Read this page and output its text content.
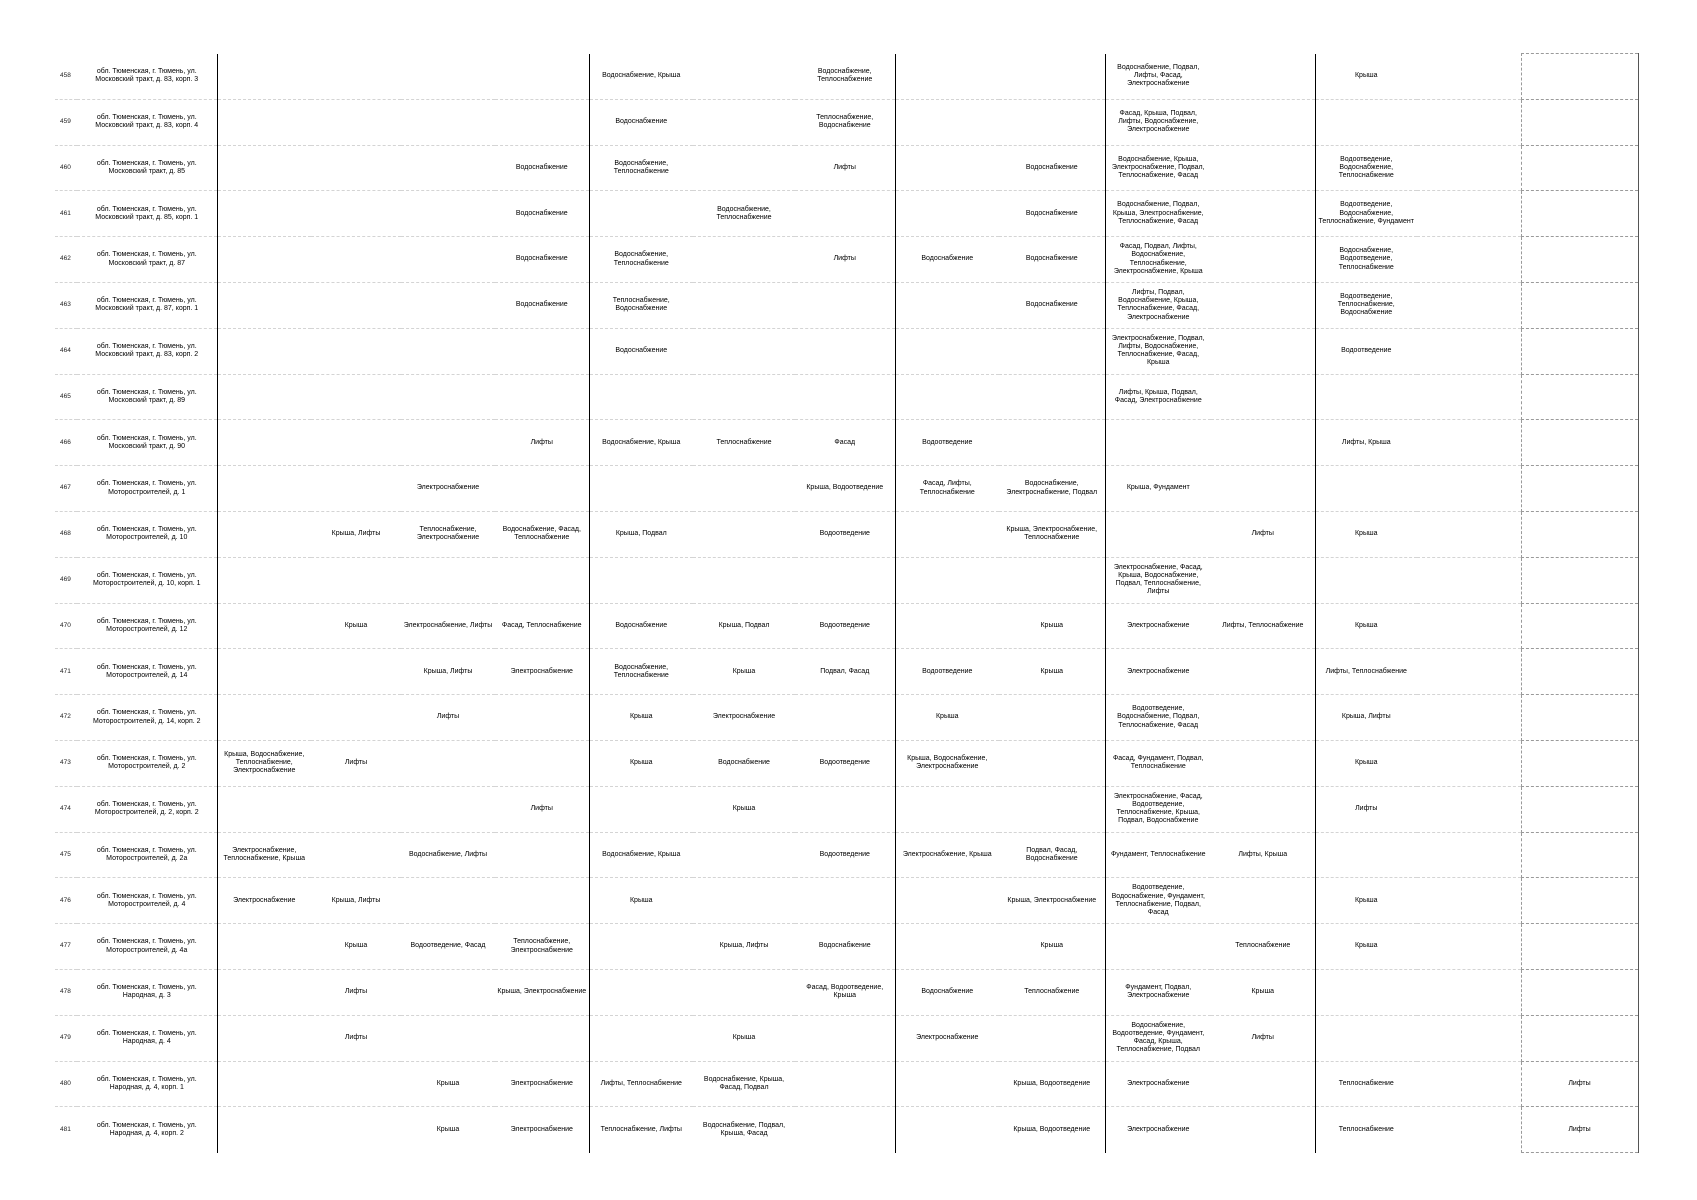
458	обл. Тюменская, г. Тюмень, ул. Московский тракт, д. 83, корп. 3					Водоснабжение, Крыша		Водоснабжение, Теплоснабжение			Водоснабжение, Подвал, Лифты, Фасад, Электроснабжение		Крыша		
459	обл. Тюменская, г. Тюмень, ул. Московский тракт, д. 83, корп. 4					Водоснабжение		Теплоснабжение, Водоснабжение			Фасад, Крыша, Подвал, Лифты, Водоснабжение, Электроснабжение				
460	обл. Тюменская, г. Тюмень, ул. Московский тракт, д. 85				Водоснабжение	Водоснабжение, Теплоснабжение		Лифты		Водоснабжение	Водоснабжение, Крыша, Электроснабжение, Подвал, Теплоснабжение, Фасад		Водоотведение, Водоснабжение, Теплоснабжение		
461	обл. Тюменская, г. Тюмень, ул. Московский тракт, д. 85, корп. 1				Водоснабжение		Водоснабжение, Теплоснабжение			Водоснабжение	Водоснабжение, Подвал, Крыша, Электроснабжение, Теплоснабжение, Фасад		Водоотведение, Водоснабжение, Теплоснабжение, Фундамент		
462	обл. Тюменская, г. Тюмень, ул. Московский тракт, д. 87				Водоснабжение	Водоснабжение, Теплоснабжение		Лифты	Водоснабжение	Водоснабжение	Фасад, Подвал, Лифты, Водоснабжение, Теплоснабжение, Электроснабжение, Крыша		Водоснабжение, Водоотведение, Теплоснабжение		
463	обл. Тюменская, г. Тюмень, ул. Московский тракт, д. 87, корп. 1				Водоснабжение	Теплоснабжение, Водоснабжение				Водоснабжение	Лифты, Подвал, Водоснабжение, Крыша, Теплоснабжение, Фасад, Электроснабжение		Водоотведение, Теплоснабжение, Водоснабжение		
464	обл. Тюменская, г. Тюмень, ул. Московский тракт, д. 83, корп. 2					Водоснабжение					Электроснабжение, Подвал, Лифты, Водоснабжение, Теплоснабжение, Фасад, Крыша		Водоотведение		
465	обл. Тюменская, г. Тюмень, ул. Московский тракт, д. 89										Лифты, Крыша, Подвал, Фасад, Электроснабжение				
466	обл. Тюменская, г. Тюмень, ул. Московский тракт, д. 90				Лифты	Водоснабжение, Крыша	Теплоснабжение	Фасад	Водоотведение				Лифты, Крыша		
467	обл. Тюменская, г. Тюмень, ул. Моторостроителей, д. 1			Электроснабжение				Крыша, Водоотведение	Фасад, Лифты, Теплоснабжение	Водоснабжение, Электроснабжение, Подвал	Крыша, Фундамент				
468	обл. Тюменская, г. Тюмень, ул. Моторостроителей, д. 10		Крыша, Лифты	Теплоснабжение, Электроснабжение	Водоснабжение, Фасад, Теплоснабжение	Крыша, Подвал		Водоотведение		Крыша, Электроснабжение, Теплоснабжение		Лифты	Крыша		
469	обл. Тюменская, г. Тюмень, ул. Моторостроителей, д. 10, корп. 1										Электроснабжение, Фасад, Крыша, Водоснабжение, Подвал, Теплоснабжение, Лифты				
470	обл. Тюменская, г. Тюмень, ул. Моторостроителей, д. 12		Крыша	Электроснабжение, Лифты	Фасад, Теплоснабжение	Водоснабжение	Крыша, Подвал	Водоотведение		Крыша	Электроснабжение	Лифты, Теплоснабжение	Крыша		
471	обл. Тюменская, г. Тюмень, ул. Моторостроителей, д. 14			Крыша, Лифты	Электроснабжение	Водоснабжение, Теплоснабжение	Крыша	Подвал, Фасад	Водоотведение	Крыша	Электроснабжение		Лифты, Теплоснабжение		
472	обл. Тюменская, г. Тюмень, ул. Моторостроителей, д. 14, корп. 2			Лифты		Крыша	Электроснабжение		Крыша		Водоотведение, Водоснабжение, Подвал, Теплоснабжение, Фасад		Крыша, Лифты		
473	обл. Тюменская, г. Тюмень, ул. Моторостроителей, д. 2	Крыша, Водоснабжение, Теплоснабжение, Электроснабжение	Лифты			Крыша	Водоснабжение	Водоотведение	Крыша, Водоснабжение, Электроснабжение		Фасад, Фундамент, Подвал, Теплоснабжение		Крыша		
474	обл. Тюменская, г. Тюмень, ул. Моторостроителей, д. 2, корп. 2				Лифты		Крыша				Электроснабжение, Фасад, Водоотведение, Теплоснабжение, Крыша, Подвал, Водоснабжение		Лифты		
475	обл. Тюменская, г. Тюмень, ул. Моторостроителей, д. 2а	Электроснабжение, Теплоснабжение, Крыша		Водоснабжение, Лифты		Водоснабжение, Крыша		Водоотведение	Электроснабжение, Крыша	Подвал, Фасад, Водоснабжение	Фундамент, Теплоснабжение	Лифты, Крыша			
476	обл. Тюменская, г. Тюмень, ул. Моторостроителей, д. 4	Электроснабжение	Крыша, Лифты			Крыша				Крыша, Электроснабжение	Водоотведение, Водоснабжение, Фундамент, Теплоснабжение, Подвал, Фасад		Крыша		
477	обл. Тюменская, г. Тюмень, ул. Моторостроителей, д. 4а		Крыша	Водоотведение, Фасад	Теплоснабжение, Электроснабжение		Крыша, Лифты	Водоснабжение		Крыша		Теплоснабжение	Крыша		
478	обл. Тюменская, г. Тюмень, ул. Народная, д. 3		Лифты		Крыша, Электроснабжение			Фасад, Водоотведение, Крыша	Водоснабжение	Теплоснабжение	Фундамент, Подвал, Электроснабжение	Крыша			
479	обл. Тюменская, г. Тюмень, ул. Народная, д. 4		Лифты				Крыша		Электроснабжение		Водоснабжение, Водоотведение, Фундамент, Фасад, Крыша, Теплоснабжение, Подвал	Лифты			
480	обл. Тюменская, г. Тюмень, ул. Народная, д. 4, корп. 1			Крыша	Электроснабжение	Лифты, Теплоснабжение	Водоснабжение, Крыша, Фасад, Подвал			Крыша, Водоотведение	Электроснабжение		Теплоснабжение		Лифты
481	обл. Тюменская, г. Тюмень, ул. Народная, д. 4, корп. 2			Крыша	Электроснабжение	Теплоснабжение, Лифты	Водоснабжение, Подвал, Крыша, Фасад			Крыша, Водоотведение	Электроснабжение		Теплоснабжение		Лифты
